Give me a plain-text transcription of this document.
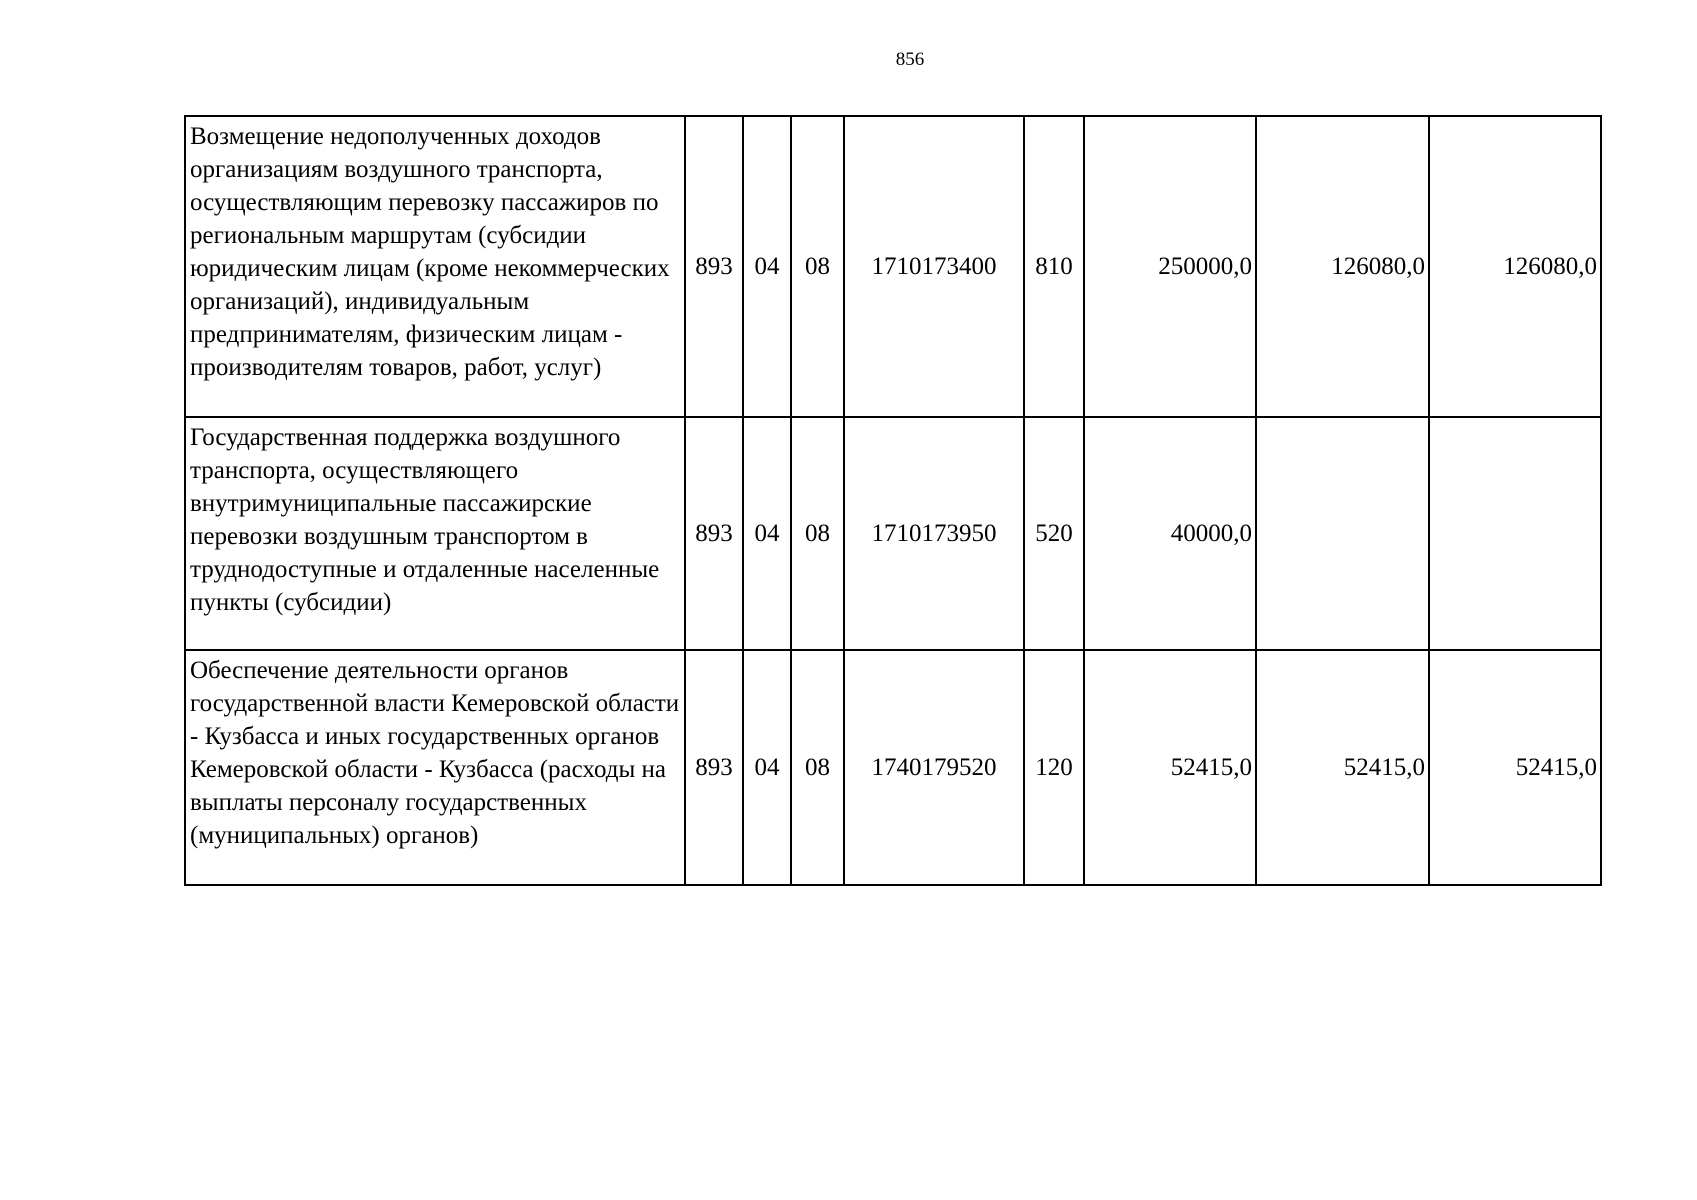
856
Возмещение недополученных доходов организациям воздушного транспорта, осуществляющим перевозку пассажиров по региональным маршрутам (субсидии юридическим лицам (кроме некоммерческих организаций), индивидуальным предпринимателям, физическим лицам - производителям товаров, работ, услуг)	893	04	08	1710173400	810	250000,0	126080,0	126080,0
Государственная поддержка воздушного транспорта, осуществляющего внутримуниципальные пассажирские перевозки воздушным транспортом в труднодоступные и отдаленные населенные пункты (субсидии)	893	04	08	1710173950	520	40000,0		
Обеспечение деятельности органов государственной власти Кемеровской области - Кузбасса и иных государственных органов Кемеровской области - Кузбасса (расходы на выплаты персоналу государственных (муниципальных) органов)	893	04	08	1740179520	120	52415,0	52415,0	52415,0
